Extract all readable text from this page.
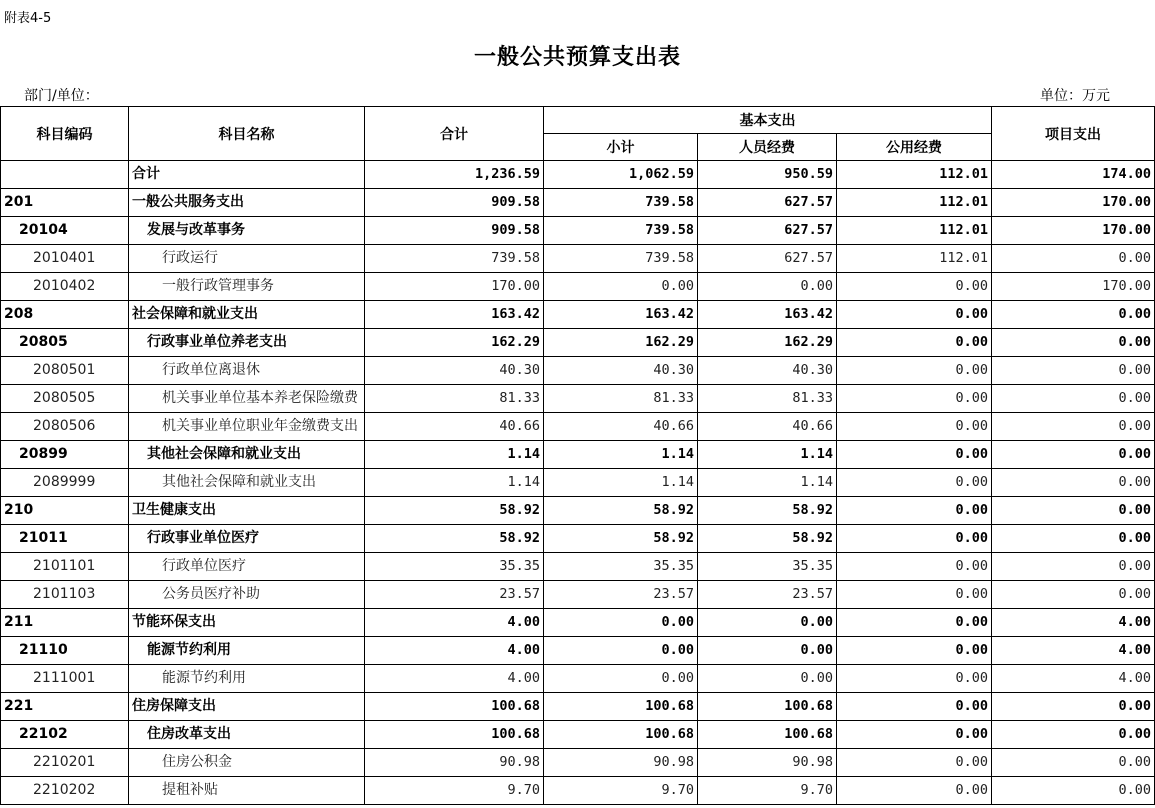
附表4-5
一般公共预算支出表
部门/单位：	单位：万元
科目编码	科目名称	合计	基本支出			项目支出
			小计	人员经费	公用经费	
	合计	1,236.59	1,062.59	950.59	112.01	174.00
201	一般公共服务支出	909.58	739.58	627.57	112.01	170.00
20104	发展与改革事务	909.58	739.58	627.57	112.01	170.00
2010401	行政运行	739.58	739.58	627.57	112.01	0.00
2010402	一般行政管理事务	170.00	0.00	0.00	0.00	170.00
208	社会保障和就业支出	163.42	163.42	163.42	0.00	0.00
20805	行政事业单位养老支出	162.29	162.29	162.29	0.00	0.00
2080501	行政单位离退休	40.30	40.30	40.30	0.00	0.00
2080505	机关事业单位基本养老保险缴费	81.33	81.33	81.33	0.00	0.00
2080506	机关事业单位职业年金缴费支出	40.66	40.66	40.66	0.00	0.00
20899	其他社会保障和就业支出	1.14	1.14	1.14	0.00	0.00
2089999	其他社会保障和就业支出	1.14	1.14	1.14	0.00	0.00
210	卫生健康支出	58.92	58.92	58.92	0.00	0.00
21011	行政事业单位医疗	58.92	58.92	58.92	0.00	0.00
2101101	行政单位医疗	35.35	35.35	35.35	0.00	0.00
2101103	公务员医疗补助	23.57	23.57	23.57	0.00	0.00
211	节能环保支出	4.00	0.00	0.00	0.00	4.00
21110	能源节约利用	4.00	0.00	0.00	0.00	4.00
2111001	能源节约利用	4.00	0.00	0.00	0.00	4.00
221	住房保障支出	100.68	100.68	100.68	0.00	0.00
22102	住房改革支出	100.68	100.68	100.68	0.00	0.00
2210201	住房公积金	90.98	90.98	90.98	0.00	0.00
2210202	提租补贴	9.70	9.70	9.70	0.00	0.00
